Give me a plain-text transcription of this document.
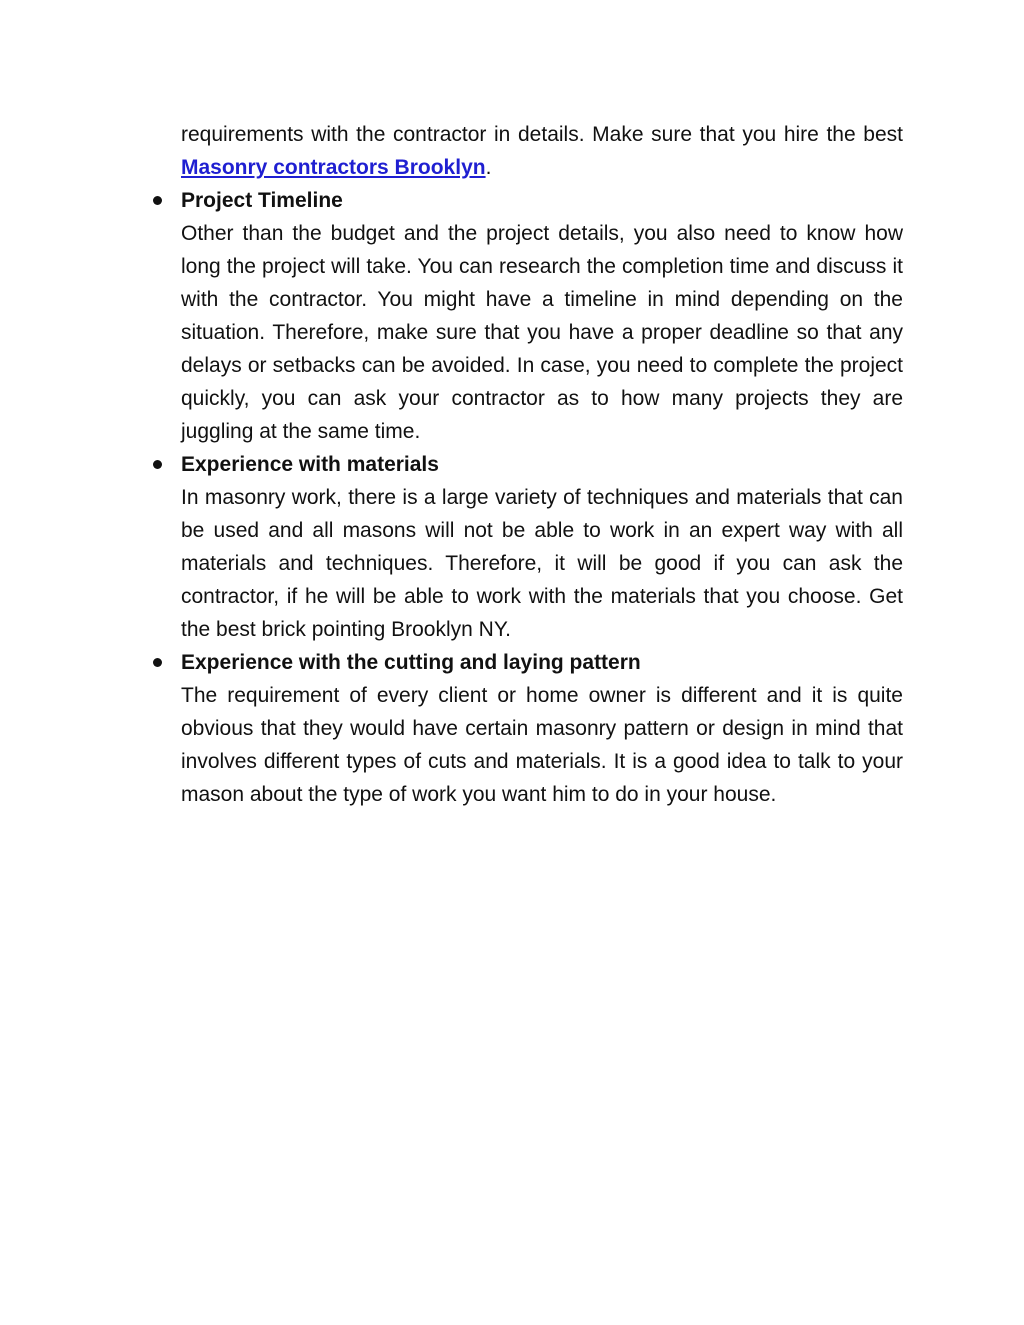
requirements with the contractor in details. Make sure that you hire the best Masonry contractors Brooklyn.

Project Timeline

Other than the budget and the project details, you also need to know how long the project will take. You can research the completion time and discuss it with the contractor. You might have a timeline in mind depending on the situation. Therefore, make sure that you have a proper deadline so that any delays or setbacks can be avoided. In case, you need to complete the project quickly, you can ask your contractor as to how many projects they are juggling at the same time.

Experience with materials

In masonry work, there is a large variety of techniques and materials that can be used and all masons will not be able to work in an expert way with all materials and techniques. Therefore, it will be good if you can ask the contractor, if he will be able to work with the materials that you choose. Get the best brick pointing Brooklyn NY.

Experience with the cutting and laying pattern

The requirement of every client or home owner is different and it is quite obvious that they would have certain masonry pattern or design in mind that involves different types of cuts and materials. It is a good idea to talk to your mason about the type of work you want him to do in your house.
